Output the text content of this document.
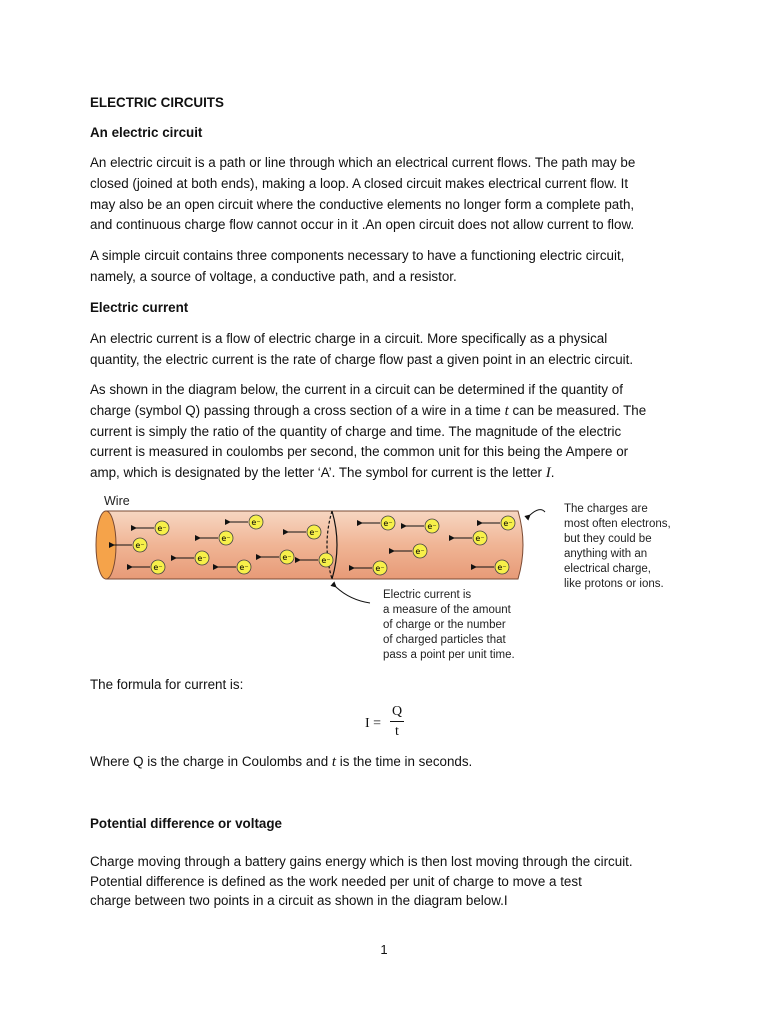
ELECTRIC CIRCUITS

An electric circuit

An electric circuit is a path or line through which an electrical current flows. The path may be
closed (joined at both ends), making a loop. A closed circuit makes electrical current flow. It
may also be an open circuit where the conductive elements no longer form a complete path,
and continuous charge flow cannot occur in it .An open circuit does not allow current to flow.

A simple circuit contains three components necessary to have a functioning electric circuit,
namely, a source of voltage, a conductive path, and a resistor.

Electric current

An electric current is a flow of electric charge in a circuit. More specifically as a physical
quantity, the electric current is the rate of charge flow past a given point in an electric circuit.

As shown in the diagram below, the current in a circuit can be determined if the quantity of
charge (symbol Q) passing through a cross section of a wire in a time t can be measured. The
current is simply the ratio of the quantity of charge and time. The magnitude of the electric
current is measured in coulombs per second, the common unit for this being the Ampere or
amp, which is designated by the letter ‘A’. The symbol for current is the letter I.

Wire
e⁻
e⁻
e⁻
e⁻
e⁻
e⁻
e⁻
e⁻
e⁻
e⁻
e⁻
e⁻
e⁻
e⁻
e⁻
e⁻
e⁻
The charges are
most often electrons,
but they could be
anything with an
electrical charge,
like protons or ions.
Electric current is
a measure of the amount
of charge or the number
of charged particles that
pass a point per unit time.

The formula for current is:

I =
Q
t

Where Q is the charge in Coulombs and t is the time in seconds.

Potential difference or voltage

Charge moving through a battery gains energy which is then lost moving through the circuit.
Potential difference is defined as the work needed per unit of charge to move a test
charge between two points in a circuit as shown in the diagram below.I

1
